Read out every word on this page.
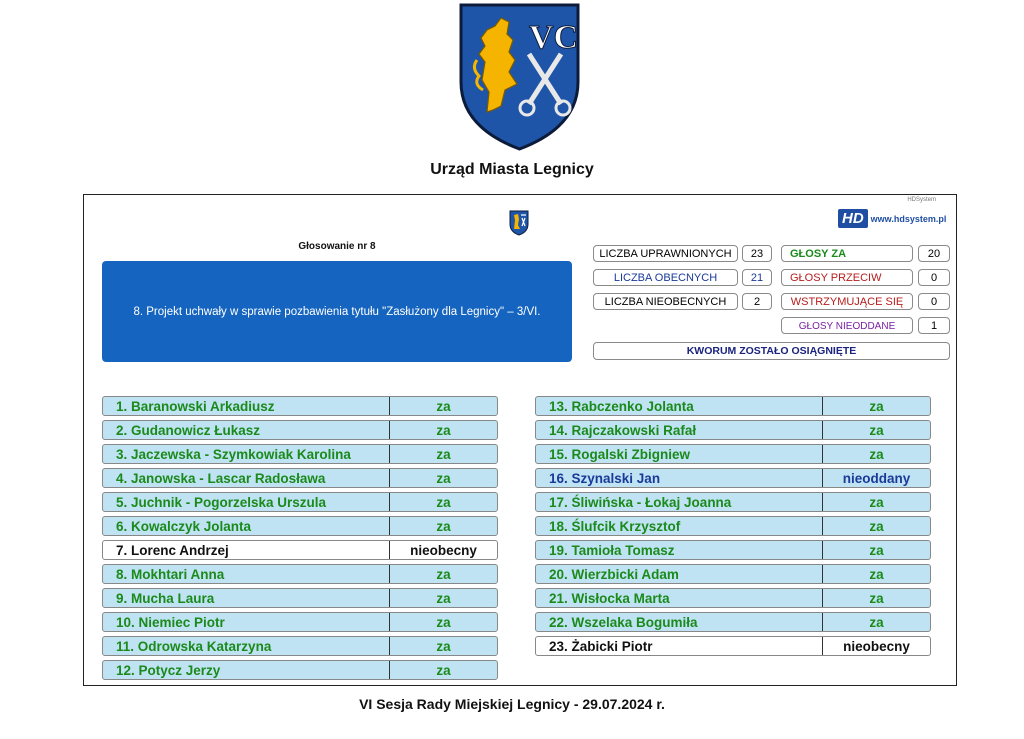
VC
Urząd Miasta Legnicy
HDSystem
HD www.hdsystem.pl
Głosowanie nr 8
8. Projekt uchwały w sprawie pozbawienia tytułu "Zasłużony dla Legnicy" – 3/VI.
LICZBA UPRAWNIONYCH	23
LICZBA OBECNYCH	21
LICZBA NIEOBECNYCH	2
GŁOSY ZA	20
GŁOSY PRZECIW	0
WSTRZYMUJĄCE SIĘ	0
GŁOSY NIEODDANE	1
KWORUM ZOSTAŁO OSIĄGNIĘTE
1. Baranowski Arkadiusz	za
2. Gudanowicz Łukasz	za
3. Jaczewska - Szymkowiak Karolina	za
4. Janowska - Lascar Radosława	za
5. Juchnik - Pogorzelska Urszula	za
6. Kowalczyk Jolanta	za
7. Lorenc Andrzej	nieobecny
8. Mokhtari Anna	za
9. Mucha Laura	za
10. Niemiec Piotr	za
11. Odrowska Katarzyna	za
12. Potycz Jerzy	za
13. Rabczenko Jolanta	za
14. Rajczakowski Rafał	za
15. Rogalski Zbigniew	za
16. Szynalski Jan	nieoddany
17. Śliwińska - Łokaj Joanna	za
18. Ślufcik Krzysztof	za
19. Tamioła Tomasz	za
20. Wierzbicki Adam	za
21. Wisłocka Marta	za
22. Wszelaka Bogumiła	za
23. Żabicki Piotr	nieobecny
VI Sesja Rady Miejskiej Legnicy - 29.07.2024 r.
